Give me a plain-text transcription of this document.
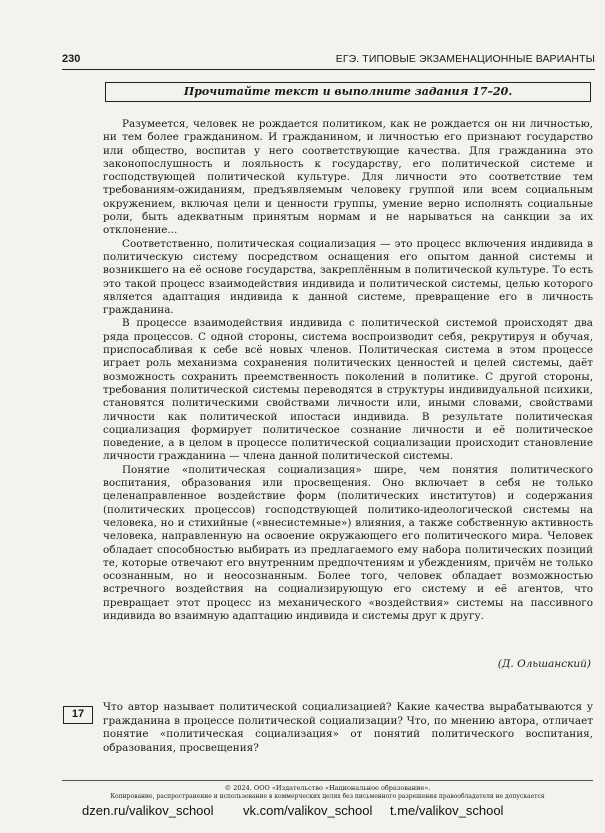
230	ЕГЭ. ТИПОВЫЕ ЭКЗАМЕНАЦИОННЫЕ ВАРИАНТЫ
Прочитайте текст и выполните задания 17–20.

Разумеется, человек не рождается политиком, как не рождается он ни личностью, ни тем более гражданином. И гражданином, и личностью его признают государство или общество, воспитав у него соответствующие качества. Для гражданина это законопослушность и лояльность к государству, его политической системе и господствующей политической культуре. Для личности это соответствие тем требованиям-ожиданиям, предъявляемым человеку группой или всем социальным окружением, включая цели и ценности группы, умение верно исполнять социальные роли, быть адекватным принятым нормам и не нарываться на санкции за их отклонение...

Соответственно, политическая социализация — это процесс включения индивида в политическую систему посредством оснащения его опытом данной системы и возникшего на её основе государства, закреплённым в политической культуре. То есть это такой процесс взаимодействия индивида и политической системы, целью которого является адаптация индивида к данной системе, превращение его в личность гражданина.

В процессе взаимодействия индивида с политической системой происходят два ряда процессов. С одной стороны, система воспроизводит себя, рекрутируя и обучая, приспосабливая к себе всё новых членов. Политическая система в этом процессе играет роль механизма сохранения политических ценностей и целей системы, даёт возможность сохранить преемственность поколений в политике. С другой стороны, требования политической системы переводятся в структуры индивидуальной психики, становятся политическими свойствами личности или, иными словами, свойствами личности как политической ипостаси индивида. В результате политическая социализация формирует политическое сознание личности и её политическое поведение, а в целом в процессе политической социализации происходит становление личности гражданина — члена данной политической системы.

Понятие «политическая социализация» шире, чем понятия политического воспитания, образования или просвещения. Оно включает в себя не только целенаправленное воздействие форм (политических институтов) и содержания (политических процессов) господствующей политико-идеологической системы на человека, но и стихийные («внесистемные») влияния, а также собственную активность человека, направленную на освоение окружающего его политического мира. Человек обладает способностью выбирать из предлагаемого ему набора политических позиций те, которые отвечают его внутренним предпочтениям и убеждениям, причём не только осознанным, но и неосознанным. Более того, человек обладает возможностью встречного воздействия на социализирующую его систему и её агентов, что превращает этот процесс из механического «воздействия» системы на пассивного индивида во взаимную адаптацию индивида и системы друг к другу.

(Д. Ольшанский)
17

Что автор называет политической социализацией? Какие качества вырабатываются у гражданина в процессе политической социализации? Что, по мнению автора, отличает понятие «политическая социализация» от понятий политического воспитания, образования, просвещения?

© 2024. ООО «Издательство «Национальное образование».
Копирование, распространение и использование в коммерческих целях без письменного разрешения правообладателя не допускается
dzen.ru/valikov_school vk.com/valikov_school t.me/valikov_school
